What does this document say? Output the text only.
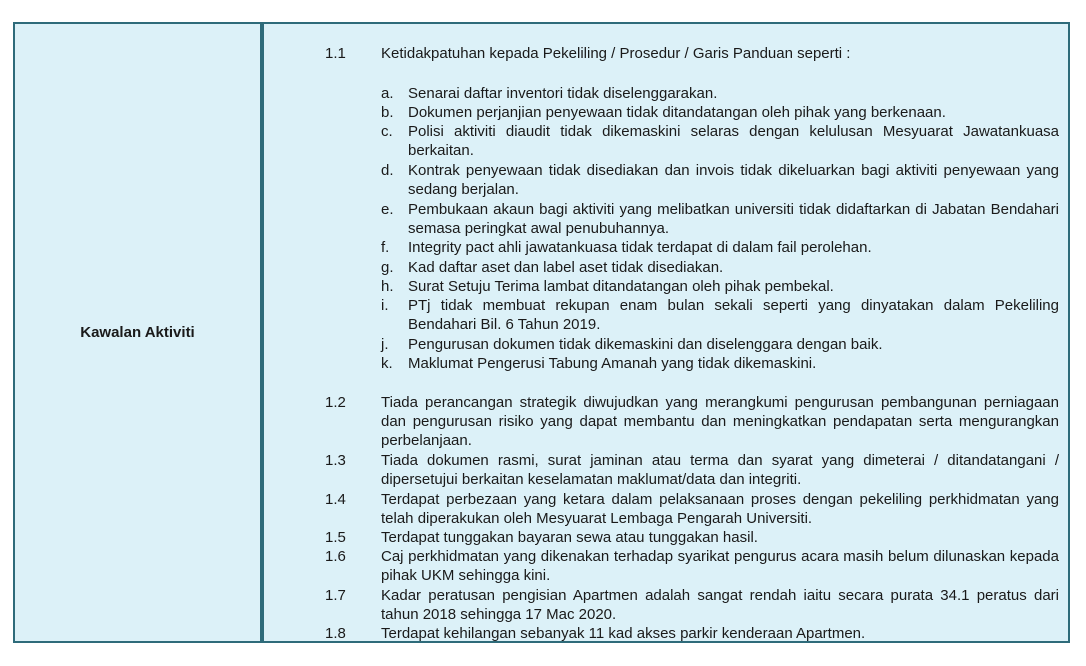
Kawalan Aktiviti
1.1 Ketidakpatuhan kepada Pekeliling / Prosedur / Garis Panduan seperti :
a. Senarai daftar inventori tidak diselenggarakan.
b. Dokumen perjanjian penyewaan tidak ditandatangan oleh pihak yang berkenaan.
c. Polisi aktiviti diaudit tidak dikemaskini selaras dengan kelulusan Mesyuarat Jawatankuasa berkaitan.
d. Kontrak penyewaan tidak disediakan dan invois tidak dikeluarkan bagi aktiviti penyewaan yang sedang berjalan.
e. Pembukaan akaun bagi aktiviti yang melibatkan universiti tidak didaftarkan di Jabatan Bendahari semasa peringkat awal penubuhannya.
f. Integrity pact ahli jawatankuasa tidak terdapat di dalam fail perolehan.
g. Kad daftar aset dan label aset tidak disediakan.
h. Surat Setuju Terima lambat ditandatangan oleh pihak pembekal.
i. PTj tidak membuat rekupan enam bulan sekali seperti yang dinyatakan dalam Pekeliling Bendahari Bil. 6 Tahun 2019.
j. Pengurusan dokumen tidak dikemaskini dan diselenggara dengan baik.
k. Maklumat Pengerusi Tabung Amanah yang tidak dikemaskini.
1.2 Tiada perancangan strategik diwujudkan yang merangkumi pengurusan pembangunan perniagaan dan pengurusan risiko yang dapat membantu dan meningkatkan pendapatan serta mengurangkan perbelanjaan.
1.3 Tiada dokumen rasmi, surat jaminan atau terma dan syarat yang dimeterai / ditandatangani / dipersetujui berkaitan keselamatan maklumat/data dan integriti.
1.4 Terdapat perbezaan yang ketara dalam pelaksanaan proses dengan pekeliling perkhidmatan yang telah diperakukan oleh Mesyuarat Lembaga Pengarah Universiti.
1.5 Terdapat tunggakan bayaran sewa atau tunggakan hasil.
1.6 Caj perkhidmatan yang dikenakan terhadap syarikat pengurus acara masih belum dilunaskan kepada pihak UKM sehingga kini.
1.7 Kadar peratusan pengisian Apartmen adalah sangat rendah iaitu secara purata 34.1 peratus dari tahun 2018 sehingga 17 Mac 2020.
1.8 Terdapat kehilangan sebanyak 11 kad akses parkir kenderaan Apartmen.
